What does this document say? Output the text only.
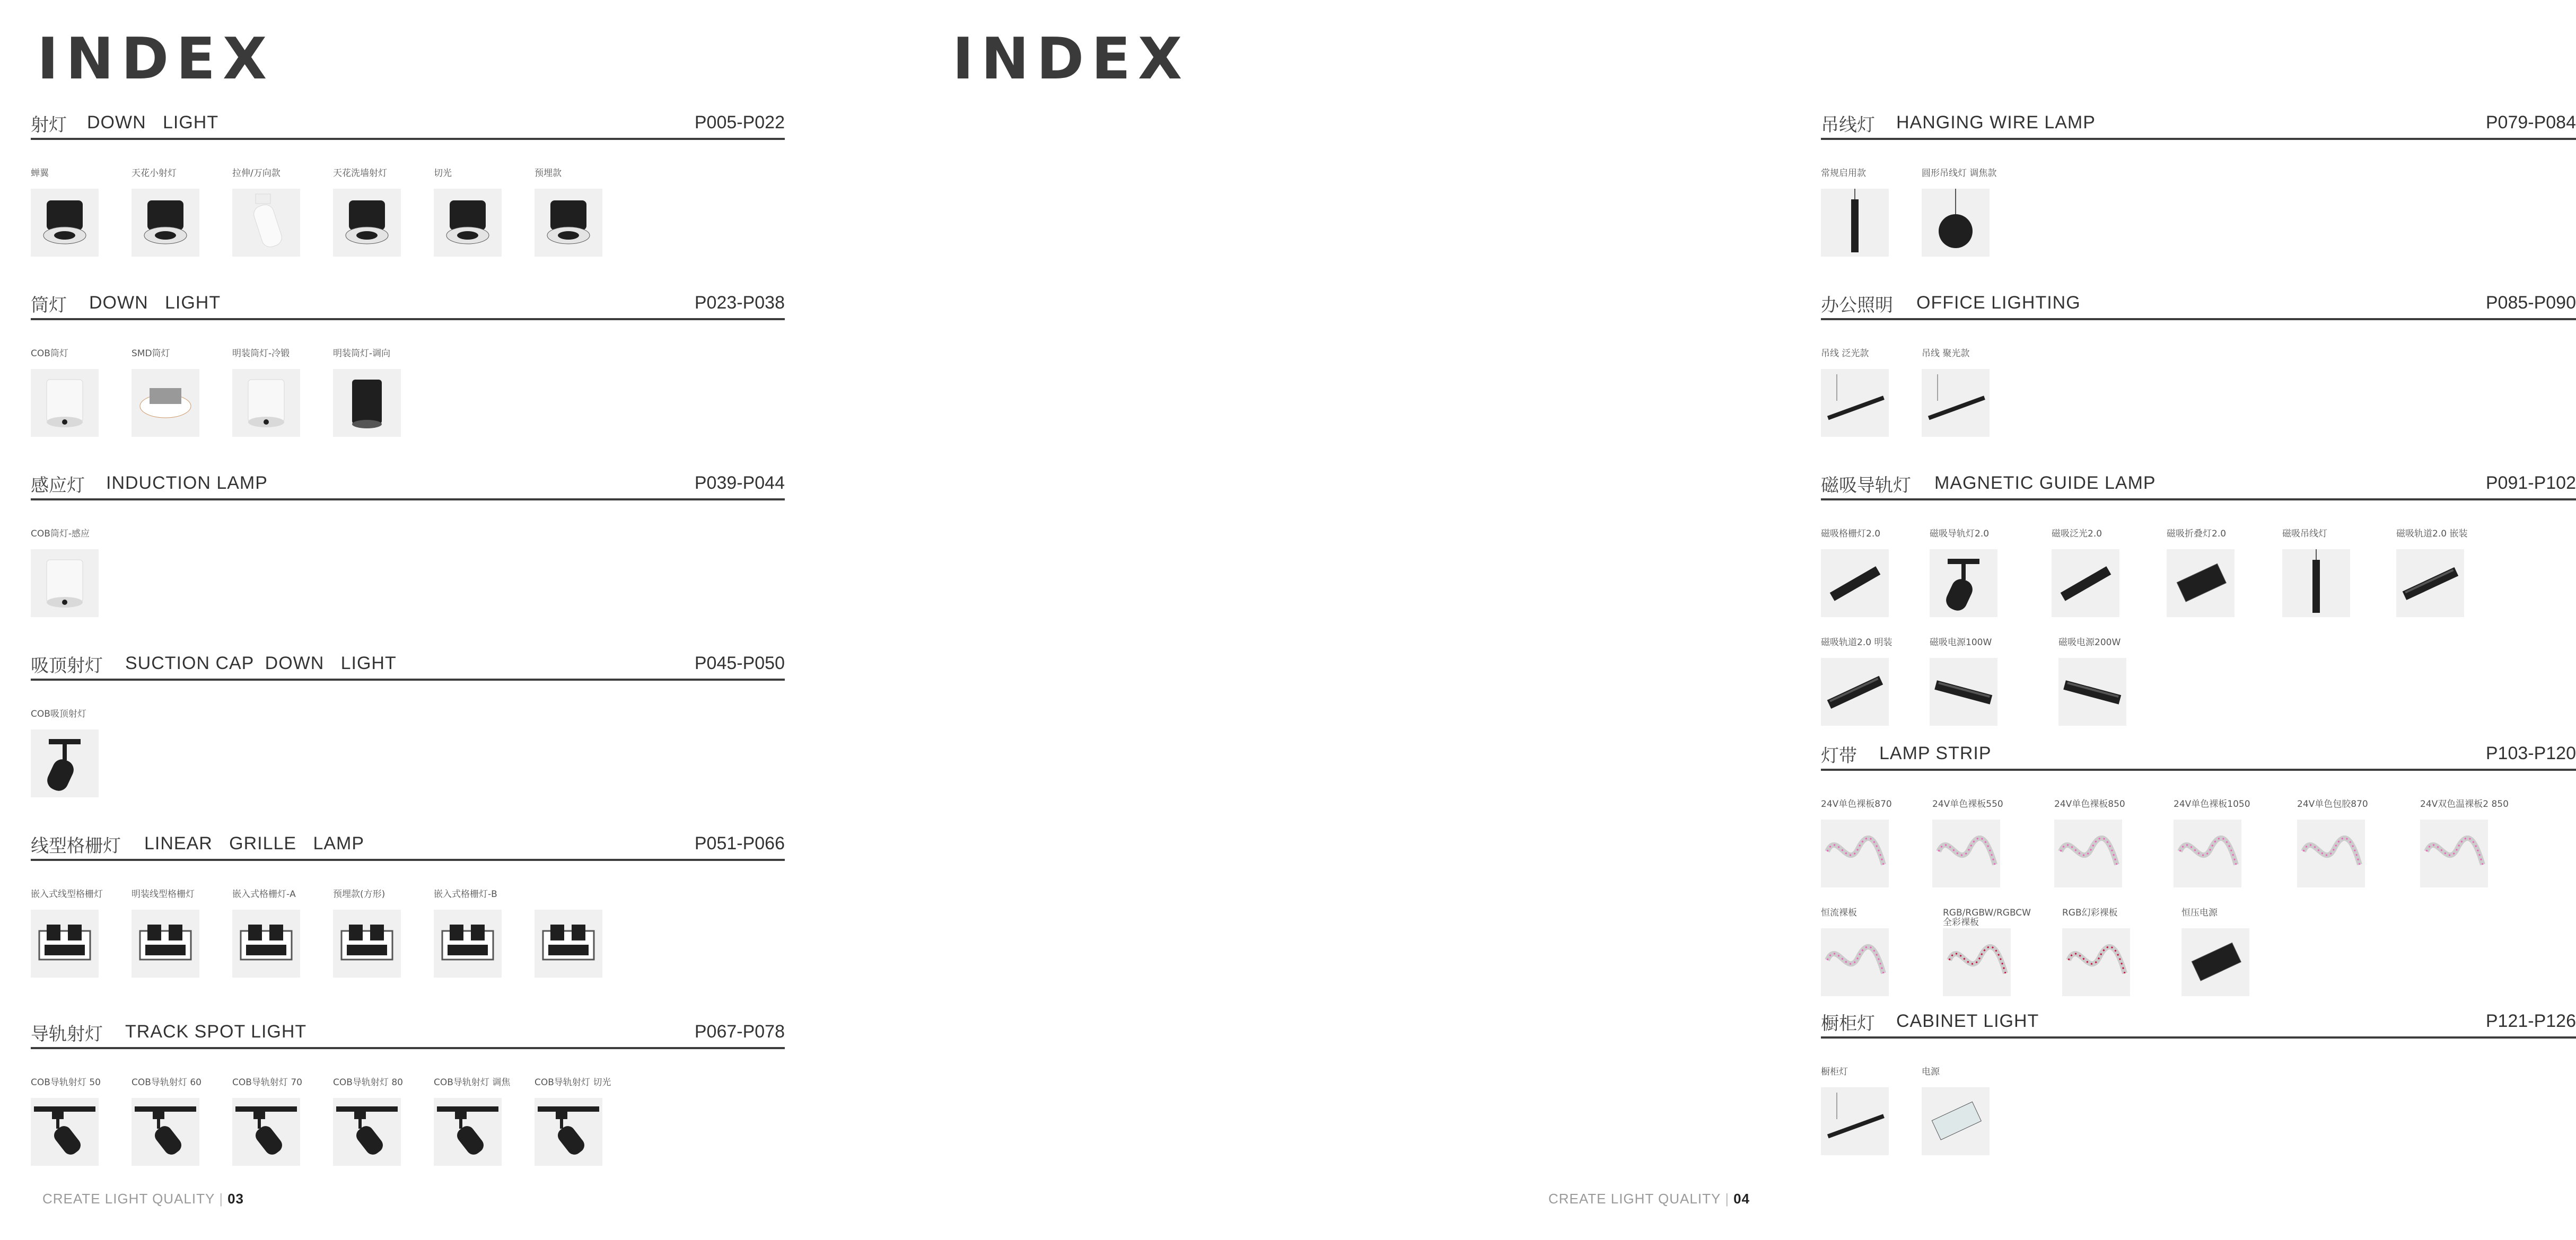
INDEX
射灯 DOWN   LIGHT	P005-P022
蝉翼	天花小射灯	拉伸/万向款	天花洗墙射灯	切光	预埋款
筒灯 DOWN   LIGHT	P023-P038
COB筒灯	SMD筒灯	明装筒灯-冷锻	明装筒灯-调向
感应灯 INDUCTION LAMP	P039-P044
COB筒灯-感应
吸顶射灯 SUCTION CAP  DOWN   LIGHT	P045-P050
COB吸顶射灯
线型格栅灯 LINEAR   GRILLE   LAMP	P051-P066
嵌入式线型格栅灯	明装线型格栅灯	嵌入式格栅灯-A	预埋款(方形)	嵌入式格栅灯-B
导轨射灯 TRACK SPOT LIGHT	P067-P078
COB导轨射灯 50	COB导轨射灯 60	COB导轨射灯 70	COB导轨射灯 80	COB导轨射灯 调焦	COB导轨射灯 切光
CREATE LIGHT QUALITY | 03
INDEX
吊线灯 HANGING WIRE LAMP	P079-P084
常规启用款	圆形吊线灯 调焦款
办公照明 OFFICE LIGHTING	P085-P090
吊线 泛光款	吊线 聚光款
磁吸导轨灯 MAGNETIC GUIDE LAMP	P091-P102
磁吸格栅灯2.0	磁吸导轨灯2.0	磁吸泛光2.0	磁吸折叠灯2.0	磁吸吊线灯	磁吸轨道2.0 嵌装
磁吸轨道2.0 明装	磁吸电源100W	磁吸电源200W
灯带 LAMP STRIP	P103-P120
24V单色裸板870	24V单色裸板550	24V单色裸板850	24V单色裸板1050	24V单色包胶870	24V双色温裸板2 850
恒流裸板	RGB/RGBW/RGBCW
全彩裸板
RGB幻彩裸板	恒压电源
橱柜灯 CABINET LIGHT	P121-P126
橱柜灯	电源
CREATE LIGHT QUALITY | 04
